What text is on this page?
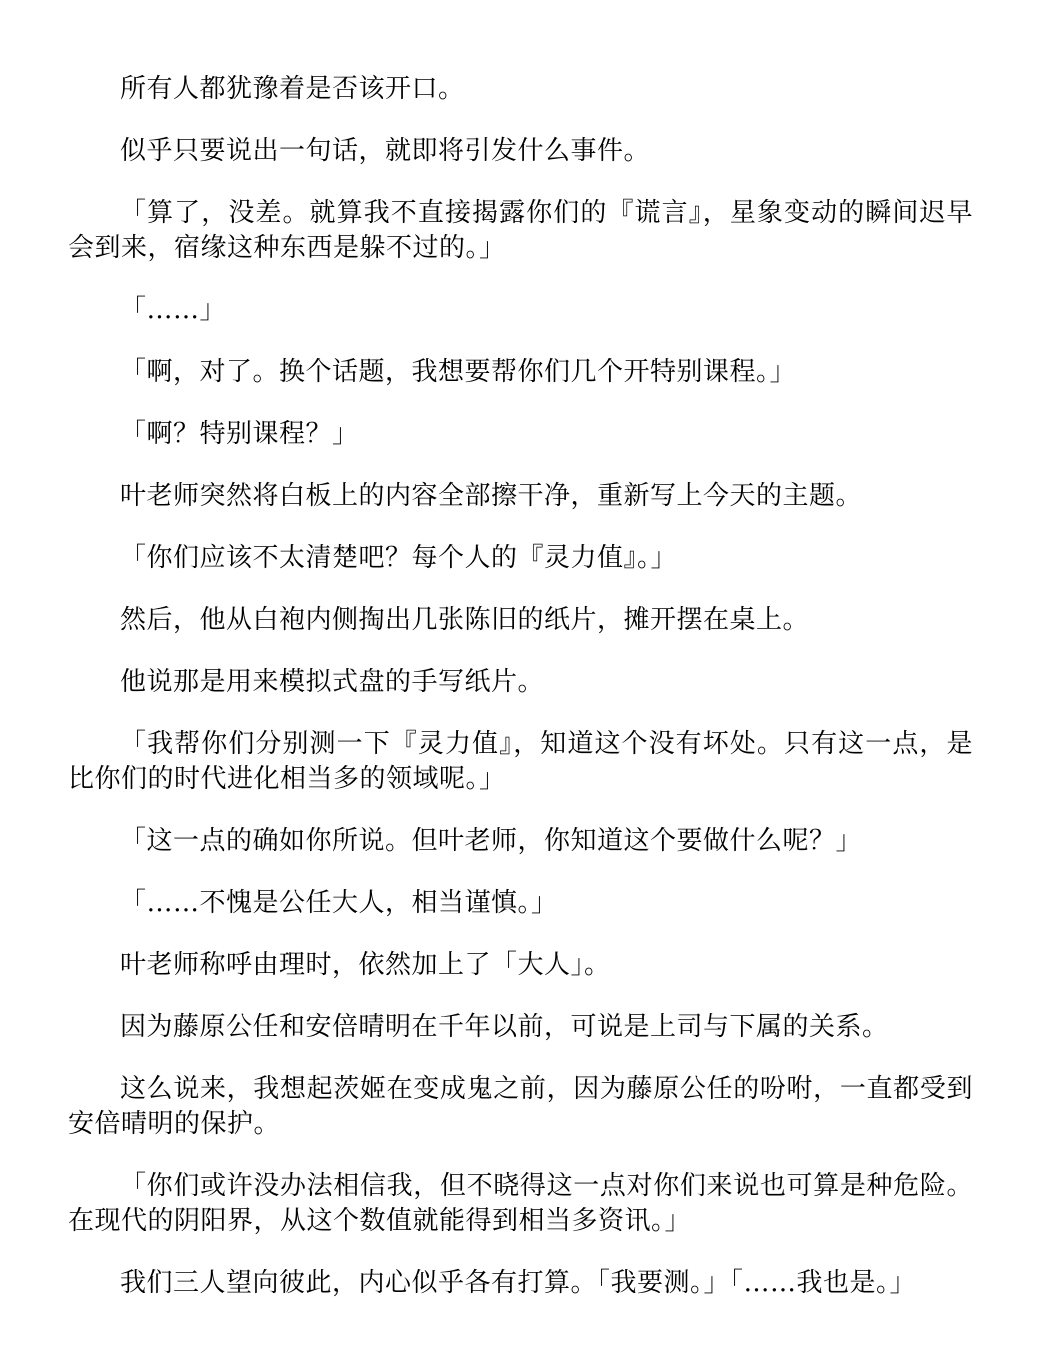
所有人都犹豫着是否该开口。

似乎只要说出一句话，就即将引发什么事件。

「算了，没差。就算我不直接揭露你们的『谎言』，星象变动的瞬间迟早会到来，宿缘这种东西是躲不过的。」

「……」

「啊，对了。换个话题，我想要帮你们几个开特别课程。」

「啊？特别课程？」

叶老师突然将白板上的内容全部擦干净，重新写上今天的主题。

「你们应该不太清楚吧？每个人的『灵力值』。」

然后，他从白袍内侧掏出几张陈旧的纸片，摊开摆在桌上。

他说那是用来模拟式盘的手写纸片。

「我帮你们分别测一下『灵力值』，知道这个没有坏处。只有这一点，是比你们的时代进化相当多的领域呢。」

「这一点的确如你所说。但叶老师，你知道这个要做什么呢？」

「……不愧是公任大人，相当谨慎。」

叶老师称呼由理时，依然加上了「大人」。

因为藤原公任和安倍晴明在千年以前，可说是上司与下属的关系。

这么说来，我想起茨姬在变成鬼之前，因为藤原公任的吩咐，一直都受到安倍晴明的保护。

「你们或许没办法相信我，但不晓得这一点对你们来说也可算是种危险。在现代的阴阳界，从这个数值就能得到相当多资讯。」

我们三人望向彼此，内心似乎各有打算。「我要测。」「……我也是。」
